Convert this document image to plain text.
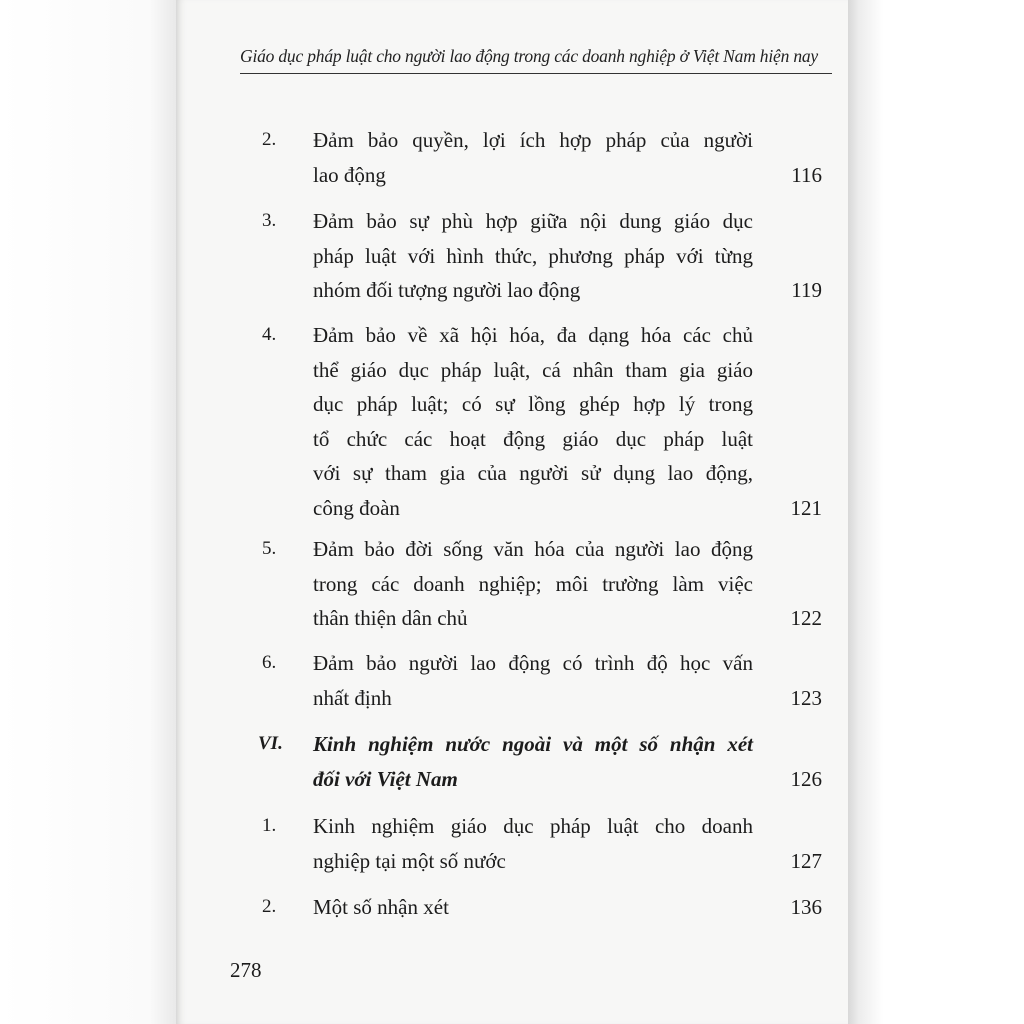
Giáo dục pháp luật cho người lao động trong các doanh nghiệp ở Việt Nam hiện nay
2. Đảm bảo quyền, lợi ích hợp pháp của người
lao động	116
3. Đảm bảo sự phù hợp giữa nội dung giáo dục
pháp luật với hình thức, phương pháp với từng
nhóm đối tượng người lao động	119
4. Đảm bảo về xã hội hóa, đa dạng hóa các chủ
thể giáo dục pháp luật, cá nhân tham gia giáo
dục pháp luật; có sự lồng ghép hợp lý trong
tổ chức các hoạt động giáo dục pháp luật
với sự tham gia của người sử dụng lao động,
công đoàn	121
5. Đảm bảo đời sống văn hóa của người lao động
trong các doanh nghiệp; môi trường làm việc
thân thiện dân chủ	122
6. Đảm bảo người lao động có trình độ học vấn
nhất định	123
VI. Kinh nghiệm nước ngoài và một số nhận xét
đối với Việt Nam	126
1. Kinh nghiệm giáo dục pháp luật cho doanh
nghiệp tại một số nước	127
2. Một số nhận xét	136
278
